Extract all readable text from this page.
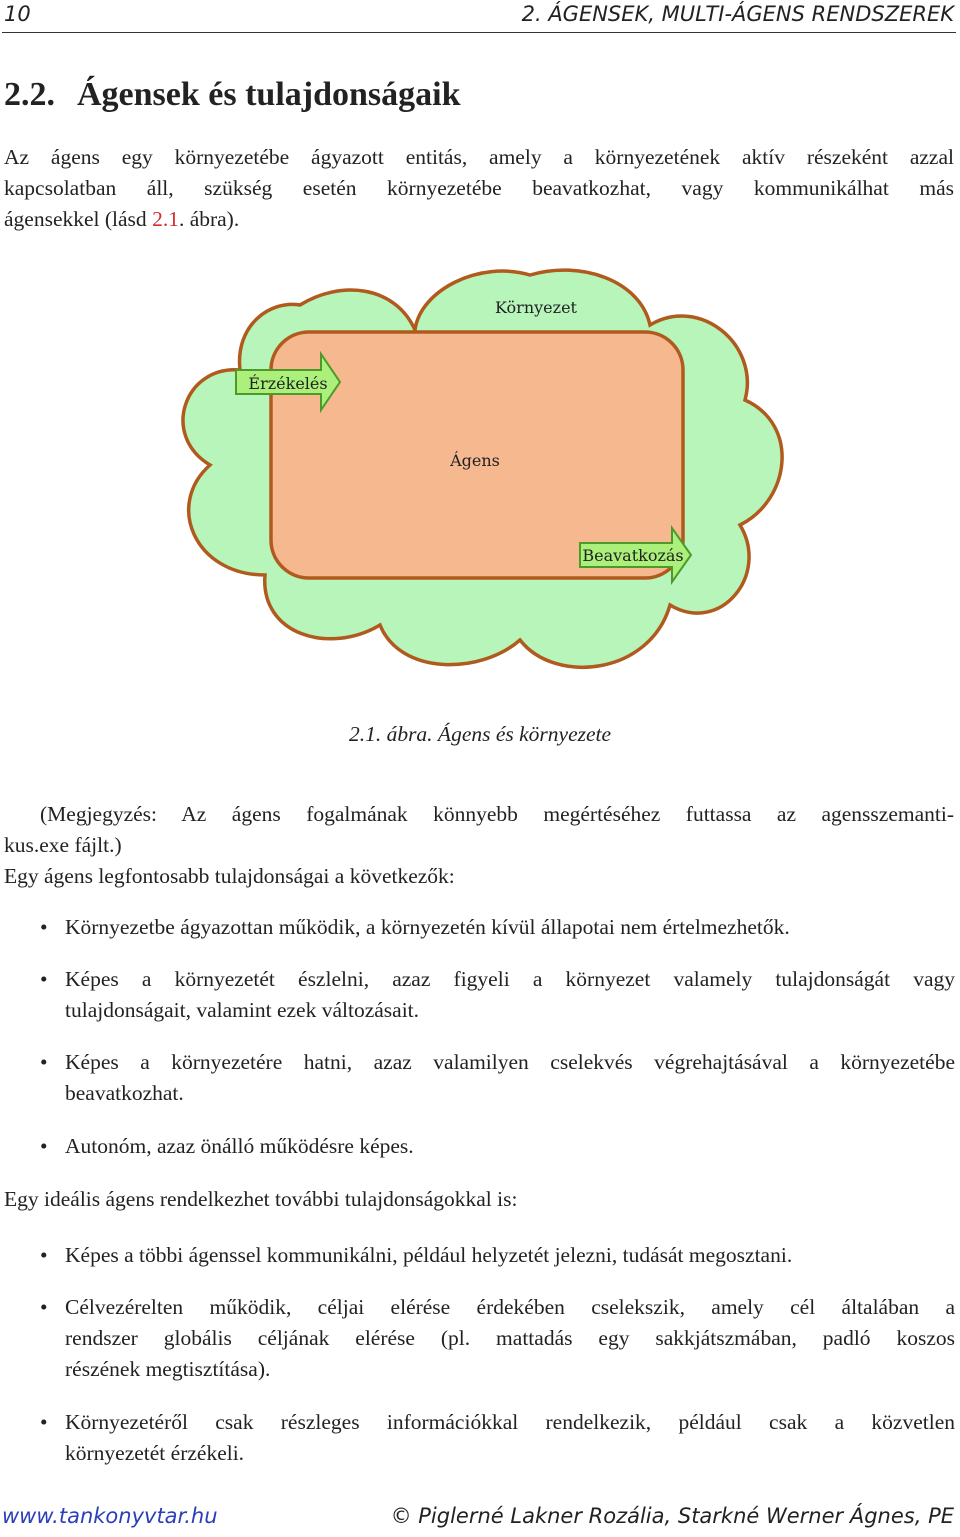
10	2. ÁGENSEK, MULTI-ÁGENS RENDSZEREK
2.2. Ágensek és tulajdonságaik
Az ágens egy környezetébe ágyazott entitás, amely a környezetének aktív részeként azzal
kapcsolatban áll, szükség esetén környezetébe beavatkozhat, vagy kommunikálhat más
ágensekkel (lásd 2.1. ábra).
Környezet
Érzékelés
Ágens
Beavatkozás
2.1. ábra. Ágens és környezete
(Megjegyzés: Az ágens fogalmának könnyebb megértéséhez futtassa az agensszemanti-
kus.exe fájlt.)
Egy ágens legfontosabb tulajdonságai a következők:
• Környezetbe ágyazottan működik, a környezetén kívül állapotai nem értelmezhetők.
• Képes a környezetét észlelni, azaz figyeli a környezet valamely tulajdonságát vagy
tulajdonságait, valamint ezek változásait.
• Képes a környezetére hatni, azaz valamilyen cselekvés végrehajtásával a környezetébe
beavatkozhat.
• Autonóm, azaz önálló működésre képes.
Egy ideális ágens rendelkezhet további tulajdonságokkal is:
• Képes a többi ágenssel kommunikálni, például helyzetét jelezni, tudását megosztani.
• Célvezérelten működik, céljai elérése érdekében cselekszik, amely cél általában a
rendszer globális céljának elérése (pl. mattadás egy sakkjátszmában, padló koszos
részének megtisztítása).
• Környezetéről csak részleges információkkal rendelkezik, például csak a közvetlen
környezetét érzékeli.
www.tankonyvtar.hu	© Piglerné Lakner Rozália, Starkné Werner Ágnes, PE
